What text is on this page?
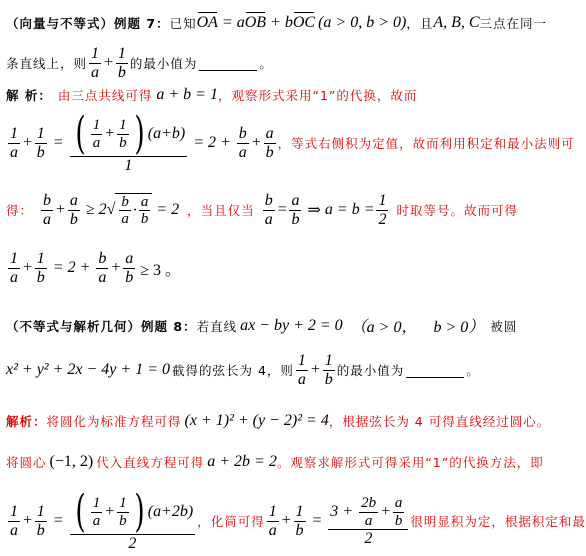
（向量与不等式）例题 7： 已知 OA = aOB + bOC (a > 0, b > 0) ，且 A, B, C 三点在同一
条直线上，则 $\frac{1}{a} + \frac{1}{b}$ 的最小值为	。
解 析： 由三点共线可得 a + b = 1 ，观察形式采用“1”的代换，故而
$\frac{1}{a} + \frac{1}{b} = \frac{( \frac{1}{a} + \frac{1}{b} ) (a+b)}{1} = 2 + \frac{b}{a} + \frac{a}{b}$ ，等式右侧积为定值，故而利用积定和最小法则可
得： $\frac{b}{a} + \frac{a}{b} \ge 2$ √ $\frac{b}{a} \cdot \frac{a}{b} = 2$ ，当且仅当 $\frac{b}{a} = \frac{a}{b}$ ⇒ $a = b = \frac{1}{2}$ 时取等号。故而可得
$\frac{1}{a} + \frac{1}{b} = 2 + \frac{b}{a} + \frac{a}{b} \ge 3$ 。
（不等式与解析几何）例题 8： 若直线 ax − by + 2 = 0 （a > 0， b > 0） 被圆
x² + y² + 2x − 4y + 1 = 0 截得的弦长为 4，则 $\frac{1}{a} + \frac{1}{b}$ 的最小值为	。
解析： 将圆化为标准方程可得 (x + 1)² + (y − 2)² = 4 ，根据弦长为 4 可得直线经过圆心。
将圆心 (−1, 2) 代入直线方程可得 a + 2b = 2 。观察求解形式可得采用“1”的代换方法，即
$\frac{1}{a} + \frac{1}{b} = \frac{( \frac{1}{a} + \frac{1}{b} ) (a+2b)}{2}$ ，化简可得 $\frac{1}{a} + \frac{1}{b} = \frac{3 + \frac{2b}{a} + \frac{a}{b}}{2}$ 很明显积为定，根据积定和最
